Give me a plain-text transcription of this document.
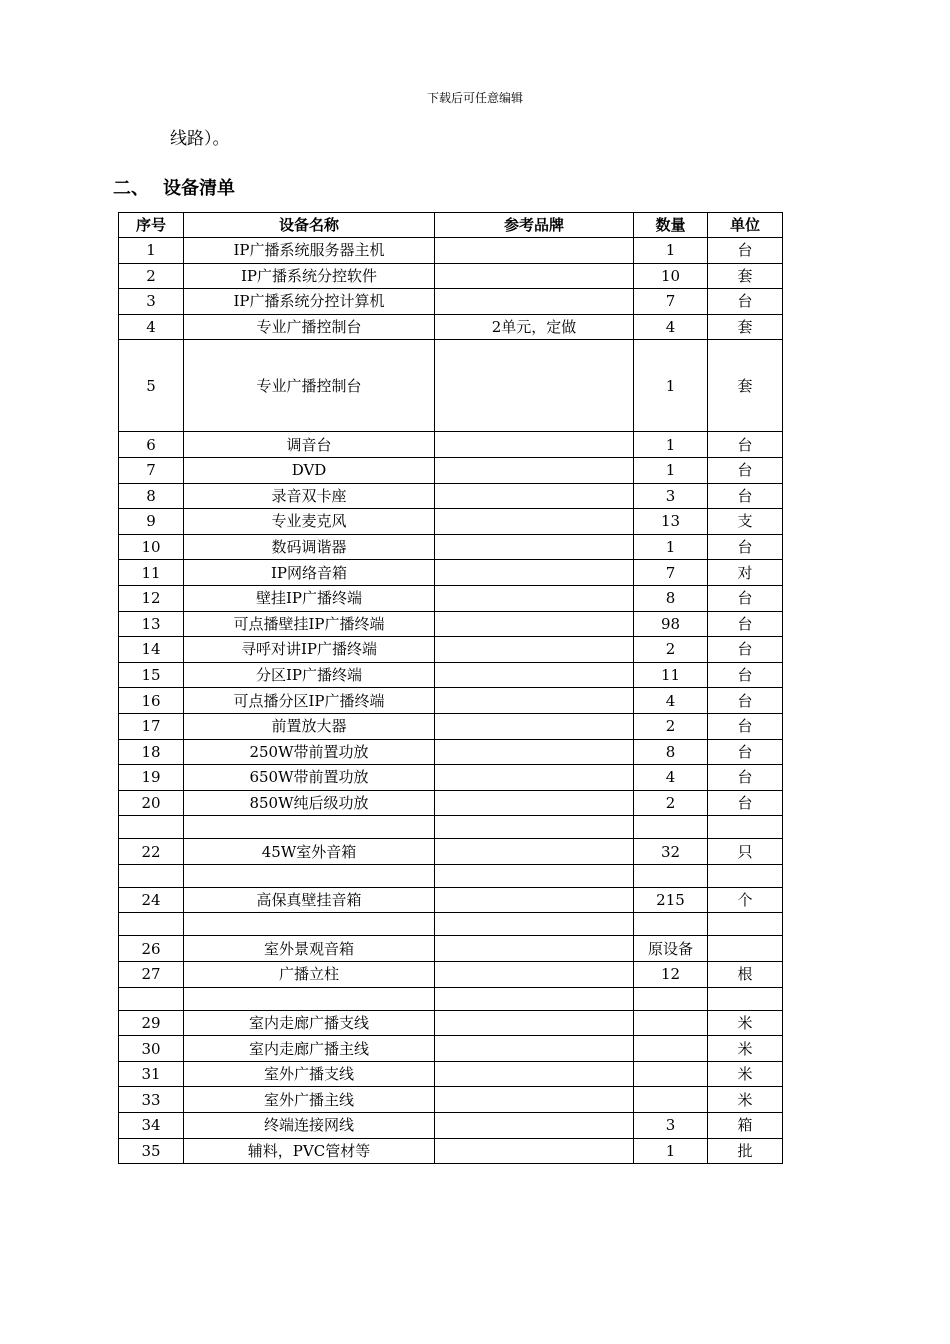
下载后可任意编辑
线路）。
二、 设备清单
序号	设备名称	参考品牌	数量	单位
1	IP广播系统服务器主机		1	台
2	IP广播系统分控软件		10	套
3	IP广播系统分控计算机		7	台
4	专业广播控制台	2单元，定做	4	套
5	专业广播控制台		1	套
6	调音台		1	台
7	DVD		1	台
8	录音双卡座		3	台
9	专业麦克风		13	支
10	数码调谐器		1	台
11	IP网络音箱		7	对
12	壁挂IP广播终端		8	台
13	可点播壁挂IP广播终端		98	台
14	寻呼对讲IP广播终端		2	台
15	分区IP广播终端		11	台
16	可点播分区IP广播终端		4	台
17	前置放大器		2	台
18	250W带前置功放		8	台
19	650W带前置功放		4	台
20	850W纯后级功放		2	台

22	45W室外音箱		32	只

24	高保真壁挂音箱		215	个

26	室外景观音箱		原设备	
27	广播立柱		12	根

29	室内走廊广播支线			米
30	室内走廊广播主线			米
31	室外广播支线			米
33	室外广播主线			米
34	终端连接网线		3	箱
35	辅料，PVC管材等		1	批
